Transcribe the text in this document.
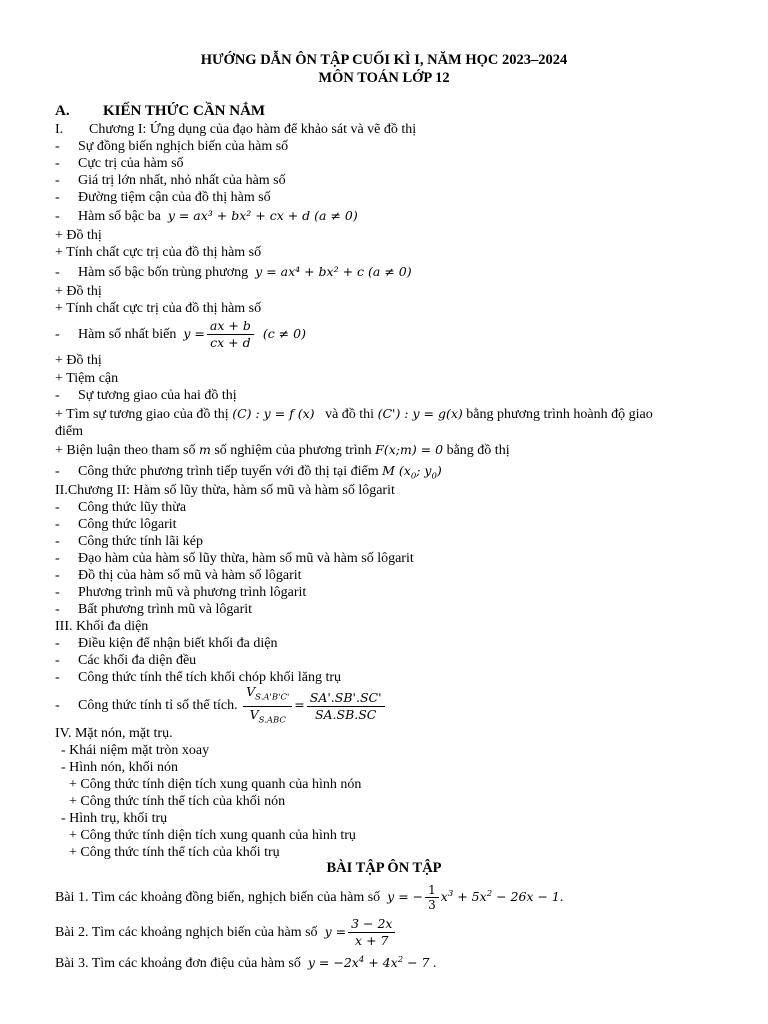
HƯỚNG DẪN ÔN TẬP CUỐI KÌ I, NĂM HỌC 2023–2024
MÔN TOÁN LỚP 12
A. KIẾN THỨC CẦN NẮM
I. Chương I: Ứng dụng của đạo hàm để khảo sát và vẽ đồ thị
- Sự đồng biến nghịch biến của hàm số
- Cực trị của hàm số
- Giá trị lớn nhất, nhỏ nhất của hàm số
- Đường tiệm cận của đồ thị hàm số
- Hàm số bậc ba y = ax³ + bx² + cx + d (a ≠ 0)
+ Đồ thị
+ Tính chất cực trị của đồ thị hàm số
- Hàm số bậc bốn trùng phương y = ax⁴ + bx² + c (a ≠ 0)
+ Đồ thị
+ Tính chất cực trị của đồ thị hàm số
- Hàm số nhất biến $y = \frac{ax + b}{cx + d} (c \ne 0)$
+ Đồ thị
+ Tiệm cận
- Sự tương giao của hai đồ thị
+ Tìm sự tương giao của đồ thị (C) : y = f (x) và đồ thi (C') : y = g(x) bằng phương trình hoành độ giao
điểm
+ Biện luận theo tham số m số nghiệm của phương trình F(x;m) = 0 bằng đồ thị
- Công thức phương trình tiếp tuyến với đồ thị tại điểm M ($x_0$; $y_0$)
II.Chương II: Hàm số lũy thừa, hàm số mũ và hàm số lôgarit
- Công thức lũy thừa
- Công thức lôgarit
- Công thức tính lãi kép
- Đạo hàm của hàm số lũy thừa, hàm số mũ và hàm số lôgarit
- Đồ thị của hàm số mũ và hàm số lôgarit
- Phương trình mũ và phương trình lôgarit
- Bất phương trình mũ và lôgarit
III. Khối đa diện
- Điều kiện để nhận biết khối đa diện
- Các khối đa diện đều
- Công thức tính thể tích khối chóp khối lăng trụ
- Công thức tính tỉ số thể tích. $\frac{V_{S.A'B'C'}}{V_{S.ABC}} = \frac{SA'.SB'.SC'}{SA.SB.SC}$
IV. Mặt nón, mặt trụ.
- Khái niệm mặt tròn xoay
- Hình nón, khối nón
+ Công thức tính diện tích xung quanh của hình nón
+ Công thức tính thể tích của khối nón
- Hình trụ, khối trụ
+ Công thức tính diện tích xung quanh của hình trụ
+ Công thức tính thể tích của khối trụ
BÀI TẬP ÔN TẬP
Bài 1. Tìm các khoảng đồng biến, nghịch biến của hàm số y = − $\frac{1}{3} x^3 + 5x^2 - 26x - 1$.
Bài 2. Tìm các khoảng nghịch biến của hàm số $y = \frac{3 - 2x}{x + 7}$
Bài 3. Tìm các khoảng đơn điệu của hàm số $y = -2x^4 + 4x^2 - 7$ .
